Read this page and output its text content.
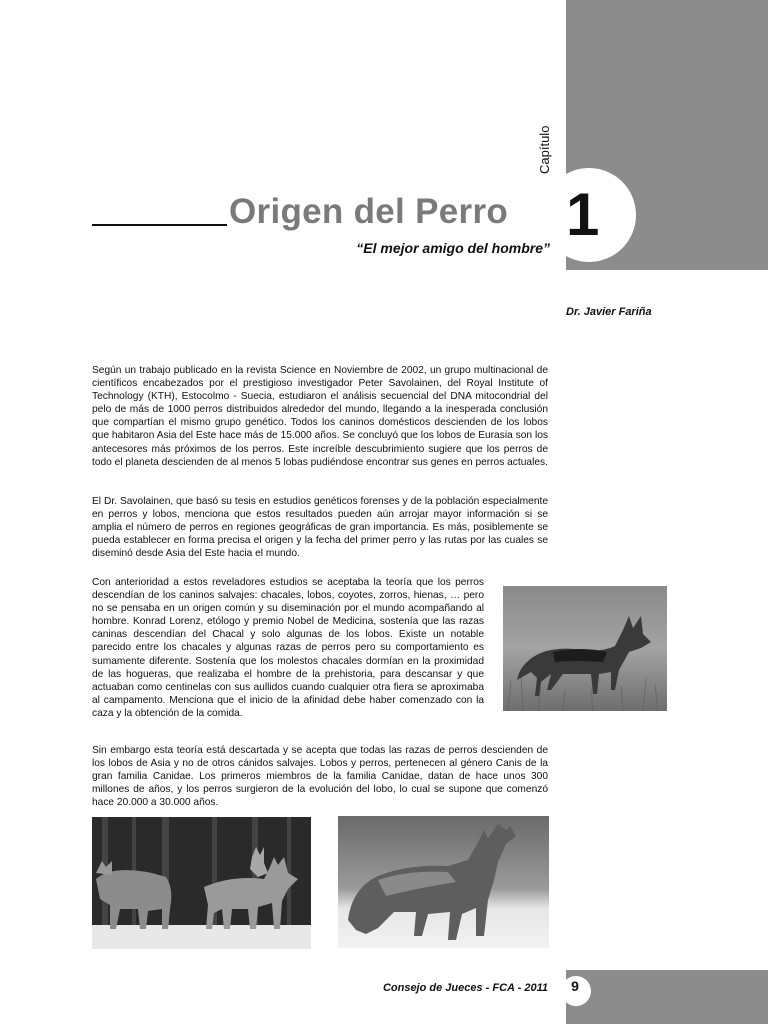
Capítulo
1
Origen del Perro
“El mejor amigo del hombre”
Dr. Javier Fariña
Según un trabajo publicado en la revista Science en Noviembre de 2002, un grupo multinacional de científicos encabezados por el prestigioso investigador Peter Savolainen, del Royal Institute of Technology (KTH), Estocolmo - Suecia, estudiaron el análisis secuencial del DNA mitocondrial del pelo de más de 1000 perros distribuidos alrededor del mundo, llegando a la inesperada conclusión que compartían el mismo grupo genético. Todos los caninos domésticos descienden de los lobos que habitaron Asia del Este hace más de 15.000 años. Se concluyó que los lobos de Eurasia son los antecesores más próximos de los perros. Este increíble descubrimiento sugiere que los perros de todo el planeta descienden de al menos 5 lobas pudiéndose encontrar sus genes en perros actuales.
El Dr. Savolainen, que basó su tesis en estudios genéticos forenses y de la población especialmente en perros y lobos, menciona que estos resultados pueden aún arrojar mayor información si se amplia el número de perros en regiones geográficas de gran importancia. Es más, posiblemente se pueda establecer en forma precisa el origen y la fecha del primer perro y las rutas por las cuales se diseminó desde Asia del Este hacia el mundo.
Con anterioridad a estos reveladores estudios se aceptaba la teoría que los perros descendían de los caninos salvajes: chacales, lobos, coyotes, zorros, hienas, … pero no se pensaba en un origen común y su diseminación por el mundo acompañando al hombre. Konrad Lorenz, etólogo y premio Nobel de Medicina, sostenía que las razas caninas descendían del Chacal y solo algunas de los lobos. Existe un notable parecido entre los chacales y algunas razas de perros pero su comportamiento es sumamente diferente. Sostenía que los molestos chacales dormían en la proximidad de las hogueras, que realizaba el hombre de la prehistoria, para descansar y que actuaban como centinelas con sus aullidos cuando cualquier otra fiera se aproximaba al campamento. Menciona que el inicio de la afinidad debe haber comenzado con la caza y la obtención de la comida.
Sin embargo esta teoría está descartada y se acepta que todas las razas de perros descienden de los lobos de Asia y no de otros cánidos salvajes. Lobos y perros, pertenecen al género Canis de la gran familia Canidae. Los primeros miembros de la familia Canidae, datan de hace unos 300 millones de años, y los perros surgieron de la evolución del lobo, lo cual se supone que comenzó hace 20.000 a 30.000 años.
Consejo de Jueces - FCA - 2011	9
